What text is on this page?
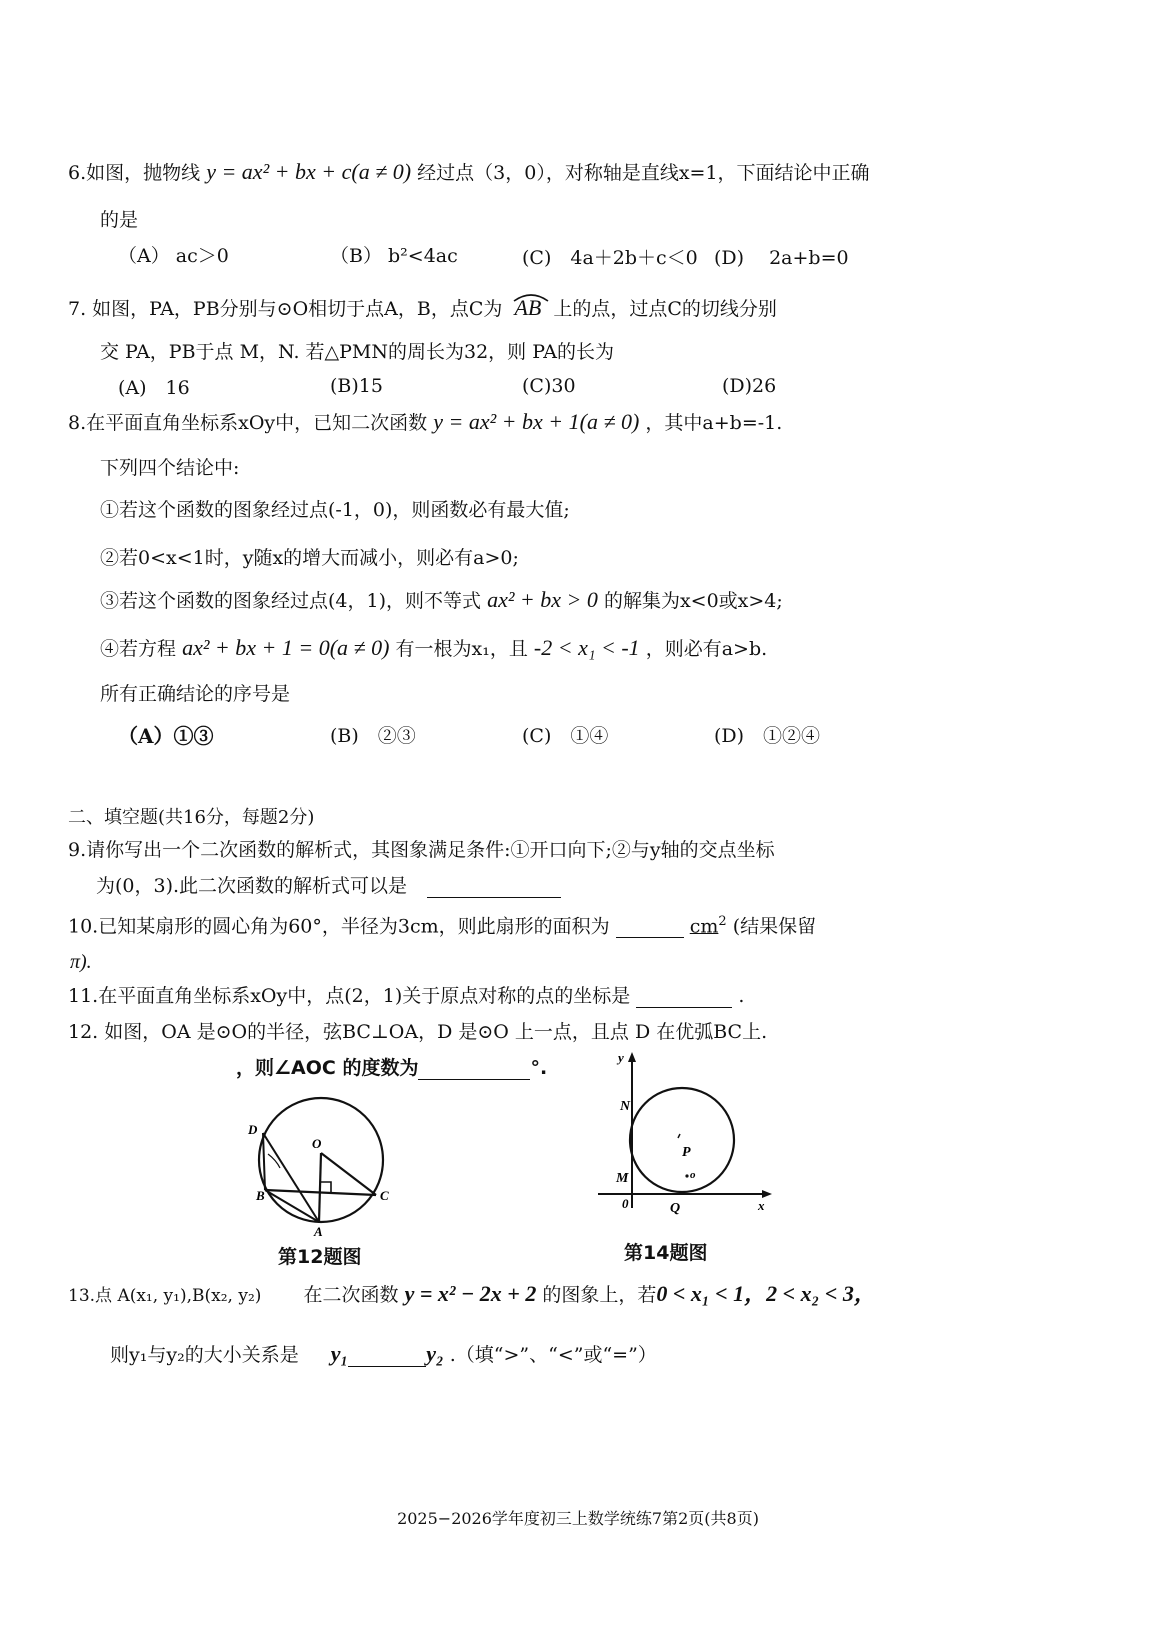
6.如图，抛物线 y = ax² + bx + c(a ≠ 0) 经过点（3，0），对称轴是直线x=1，下面结论中正确
的是
（A） ac＞0	（B） b²<4ac	(C)　4a＋2b＋c＜0 (D)　 2a+b=0
7. 如图，PA，PB分别与⊙O相切于点A，B，点C为 AB 上的点，过点C的切线分别
交 PA，PB于点 M，N. 若△PMN的周长为32，则 PA的长为
(A)　16	(B)15	(C)30	(D)26
8.在平面直角坐标系xOy中，已知二次函数 y = ax² + bx + 1(a ≠ 0) ，其中a+b=-1.
下列四个结论中:
①若这个函数的图象经过点(-1，0)，则函数必有最大值;
②若0<x<1时，y随x的增大而减小，则必有a>0;
③若这个函数的图象经过点(4，1)，则不等式 ax² + bx > 0 的解集为x<0或x>4;
④若方程 ax² + bx + 1 = 0(a ≠ 0) 有一根为x₁，且 -2 < x₁ < -1 ，则必有a>b.
所有正确结论的序号是
（A）①③	(B)　②③	(C)　①④	(D)　①②④
二、填空题(共16分，每题2分)
9.请你写出一个二次函数的解析式，其图象满足条件:①开口向下;②与y轴的交点坐标
为(0，3).此二次函数的解析式可以是
10.已知某扇形的圆心角为60°，半径为3cm，则此扇形的面积为	$cm^2$ (结果保留
π).
11.在平面直角坐标系xOy中，点(2，1)关于原点对称的点的坐标是	.
12. 如图，OA 是⊙O的半径，弦BC⊥OA，D 是⊙O 上一点，且点 D 在优弧BC上.
，则∠AOC 的度数为	°.
D
O
B	C
A
第12题图
y
N
P
o
M
0	Q	x
第14题图
13.点 A(x₁, y₁),B(x₂, y₂) 在二次函数 y = x² − 2x + 2 的图象上，若0 < x₁ < 1，2 < x₂ < 3，
则y₁与y₂的大小关系是 y₁	y₂ .（填“>”、“<”或“=”）
2025−2026学年度初三上数学统练7第2页(共8页)
